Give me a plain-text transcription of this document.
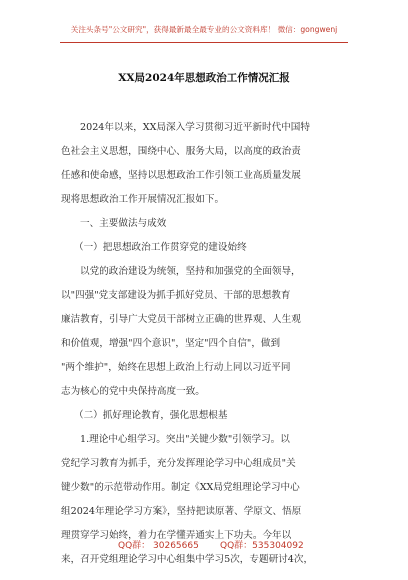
关注头条号"公文研究"，获得最新最全最专业的公文资料库！ 微信：gongwenj
XX局2024年思想政治工作情况汇报
2024年以来，XX局深入学习贯彻习近平新时代中国特
色社会主义思想，围绕中心、服务大局，以高度的政治责
任感和使命感，坚持以思想政治工作引领工业高质量发展
现将思想政治工作开展情况汇报如下。
一、主要做法与成效
（一）把思想政治工作贯穿党的建设始终
以党的政治建设为统领，坚持和加强党的全面领导，
以"四强"党支部建设为抓手抓好党员、干部的思想教育
廉洁教育，引导广大党员干部树立正确的世界观、人生观
和价值观，增强"四个意识"，坚定"四个自信"，做到
"两个维护"，始终在思想上政治上行动上同以习近平同
志为核心的党中央保持高度一致。
（二）抓好理论教育，强化思想根基
1.理论中心组学习。突出"关键少数"引领学习。以
党纪学习教育为抓手，充分发挥理论学习中心组成员"关
键少数"的示范带动作用。制定《XX局党组理论学习中心
组2024年理论学习方案》，坚持把读原著、学原文、悟原
理贯穿学习始终，着力在学懂弄通实上下功夫。今年以
来，召开党组理论学习中心组集中学习5次，专题研讨4次，
QQ群： 30265665 QQ群：535304092
